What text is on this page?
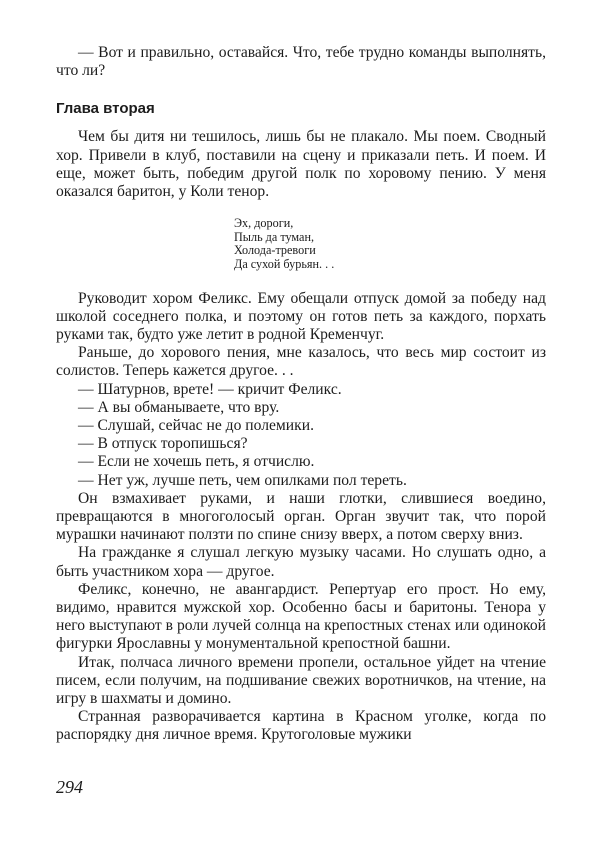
— Вот и правильно, оставайся. Что, тебе трудно команды выполнять, что ли?

Глава вторая

Чем бы дитя ни тешилось, лишь бы не плакало. Мы поем. Сводный хор. Привели в клуб, поставили на сцену и приказали петь. И поем. И еще, может быть, победим другой полк по хоровому пению. У меня оказался баритон, у Коли тенор.

Эх, дороги,
Пыль да туман,
Холода-тревоги
Да сухой бурьян. . .

Руководит хором Феликс. Ему обещали отпуск домой за победу над школой соседнего полка, и поэтому он готов петь за каждого, порхать руками так, будто уже летит в родной Кременчуг.

Раньше, до хорового пения, мне казалось, что весь мир состоит из солистов. Теперь кажется другое. . .

— Шатурнов, врете! — кричит Феликс.

— А вы обманываете, что вру.

— Слушай, сейчас не до полемики.

— В отпуск торопишься?

— Если не хочешь петь, я отчислю.

— Нет уж, лучше петь, чем опилками пол тереть.

Он взмахивает руками, и наши глотки, слившиеся воедино, превращаются в многоголосый орган. Орган звучит так, что порой мурашки начинают ползти по спине снизу вверх, а потом сверху вниз.

На гражданке я слушал легкую музыку часами. Но слушать одно, а быть участником хора — другое.

Феликс, конечно, не авангардист. Репертуар его прост. Но ему, видимо, нравится мужской хор. Особенно басы и баритоны. Тенора у него выступают в роли лучей солнца на крепостных стенах или одинокой фигурки Ярославны у монументальной крепостной башни.

Итак, полчаса личного времени пропели, остальное уйдет на чтение писем, если получим, на подшивание свежих воротничков, на чтение, на игру в шахматы и домино.

Странная разворачивается картина в Красном уголке, когда по распорядку дня личное время. Крутоголовые мужики

294
